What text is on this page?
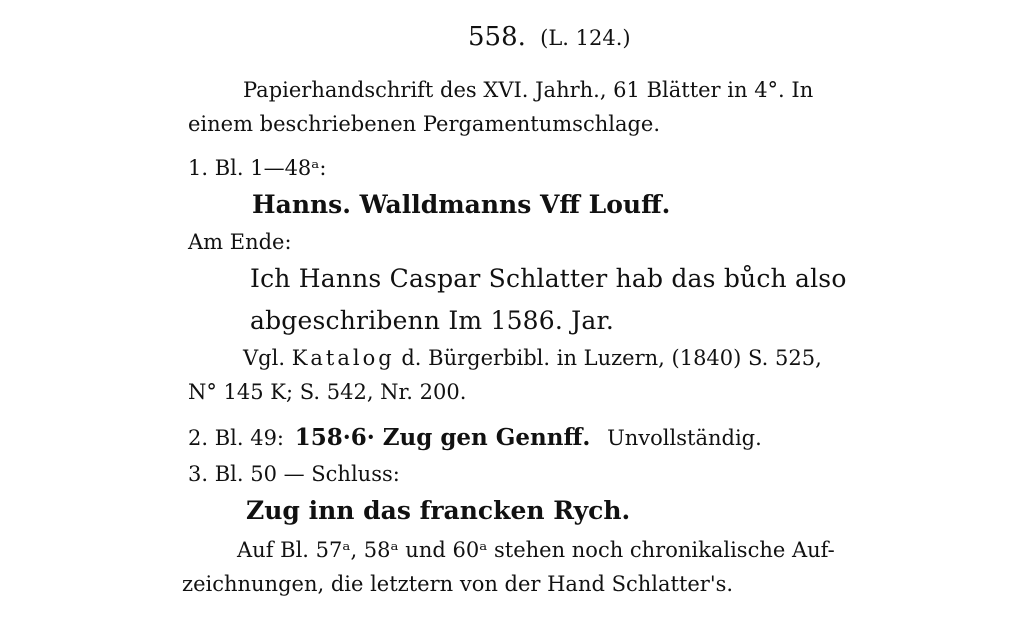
558. (L. 124.)
Papierhandschrift des XVI. Jahrh., 61 Blätter in 4°. In
einem beschriebenen Pergamentumschlage.
1. Bl. 1—48ᵃ:
Hanns. Walldmanns Vff Louff.
Am Ende:
Ich Hanns Caspar Schlatter hab das bůch also
abgeschribenn Im 1586. Jar.
Vgl. Katalog d. Bürgerbibl. in Luzern, (1840) S. 525,
N° 145 K; S. 542, Nr. 200.
2. Bl. 49: 158·6· Zug gen Gennff. Unvollständig.
3. Bl. 50 — Schluss:
Zug inn das francken Rych.
Auf Bl. 57ᵃ, 58ᵃ und 60ᵃ stehen noch chronikalische Auf-
zeichnungen, die letztern von der Hand Schlatter's.
